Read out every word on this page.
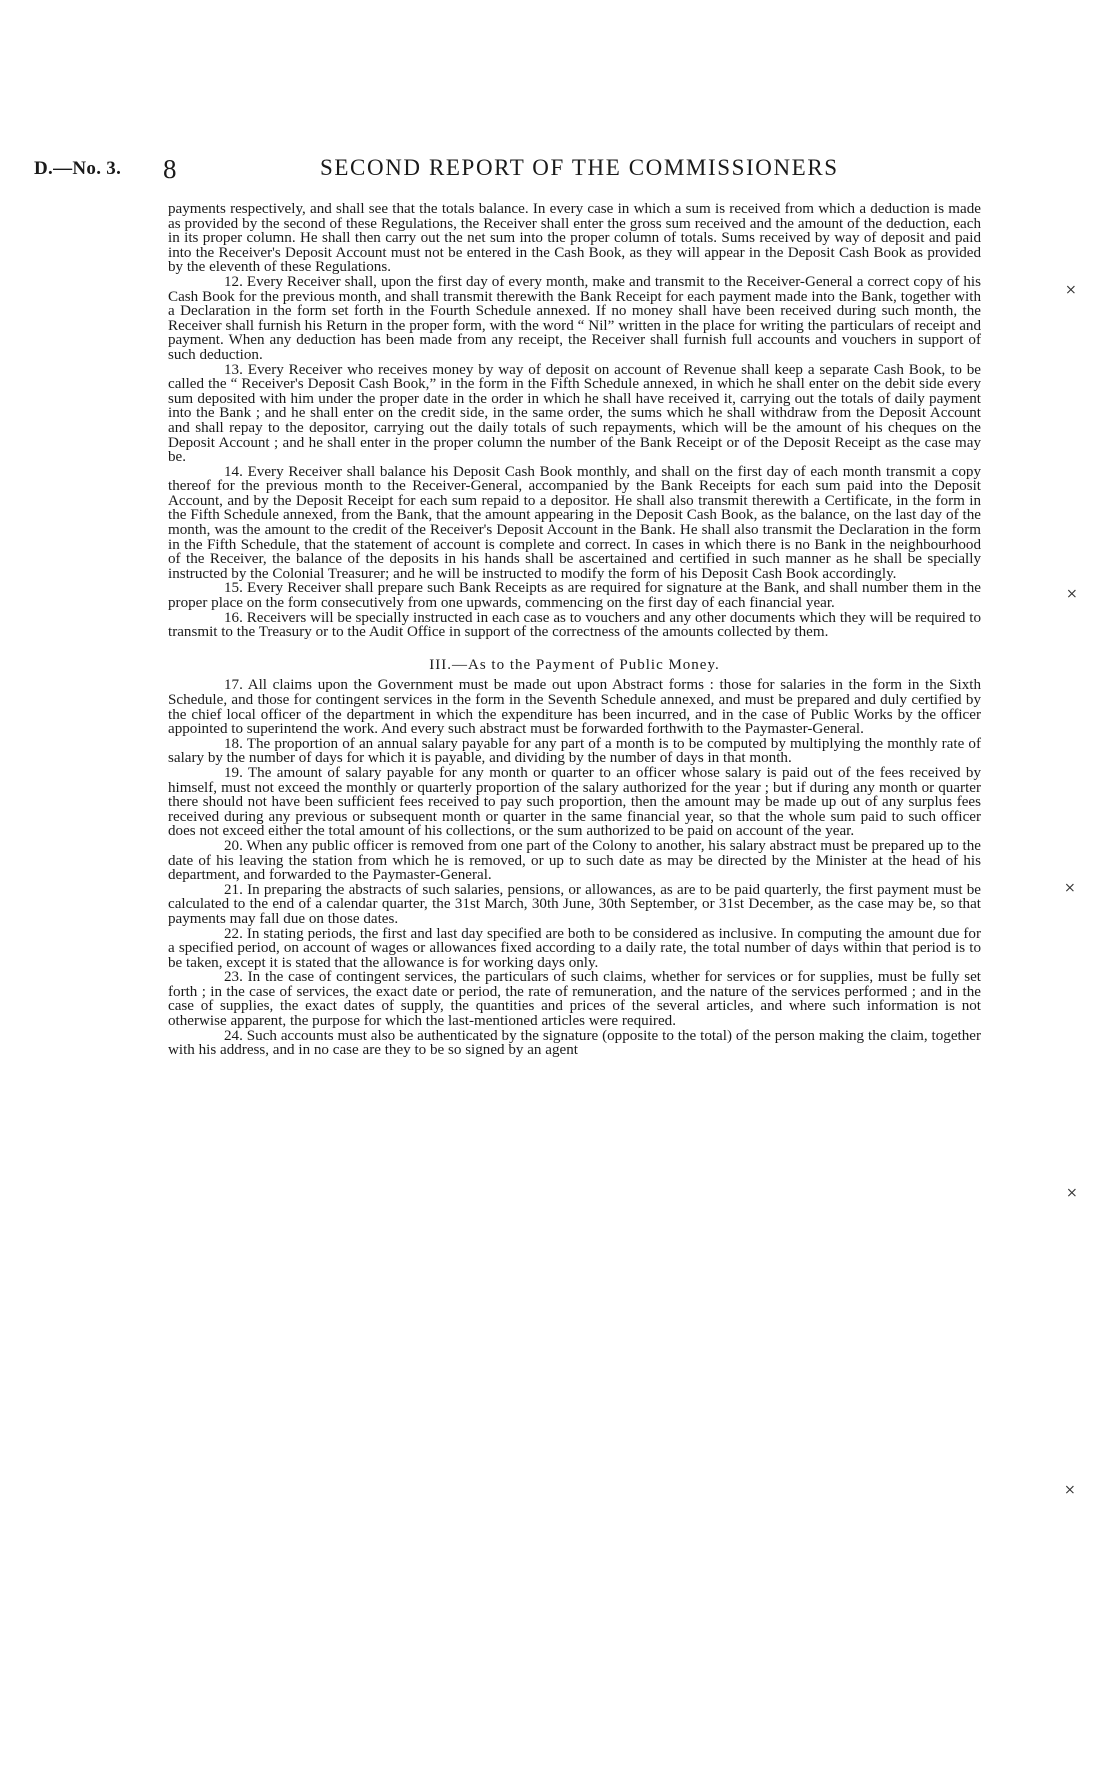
D.—No. 3. 8	SECOND REPORT OF THE COMMISSIONERS

payments respectively, and shall see that the totals balance. In every case in which a sum is received from which a deduction is made as provided by the second of these Regulations, the Receiver shall enter the gross sum received and the amount of the deduction, each in its proper column. He shall then carry out the net sum into the proper column of totals. Sums received by way of deposit and paid into the Receiver's Deposit Account must not be entered in the Cash Book, as they will appear in the Deposit Cash Book as provided by the eleventh of these Regulations.

12. Every Receiver shall, upon the first day of every month, make and transmit to the Receiver-General a correct copy of his Cash Book for the previous month, and shall transmit therewith the Bank Receipt for each payment made into the Bank, together with a Declaration in the form set forth in the Fourth Schedule annexed. If no money shall have been received during such month, the Receiver shall furnish his Return in the proper form, with the word “ Nil” written in the place for writing the particulars of receipt and payment. When any deduction has been made from any receipt, the Receiver shall furnish full accounts and vouchers in support of such deduction.

13. Every Receiver who receives money by way of deposit on account of Revenue shall keep a separate Cash Book, to be called the “ Receiver's Deposit Cash Book,” in the form in the Fifth Schedule annexed, in which he shall enter on the debit side every sum deposited with him under the proper date in the order in which he shall have received it, carrying out the totals of daily payment into the Bank ; and he shall enter on the credit side, in the same order, the sums which he shall withdraw from the Deposit Account and shall repay to the depositor, carrying out the daily totals of such repayments, which will be the amount of his cheques on the Deposit Account ; and he shall enter in the proper column the number of the Bank Receipt or of the Deposit Receipt as the case may be.

14. Every Receiver shall balance his Deposit Cash Book monthly, and shall on the first day of each month transmit a copy thereof for the previous month to the Receiver-General, accompanied by the Bank Receipts for each sum paid into the Deposit Account, and by the Deposit Receipt for each sum repaid to a depositor. He shall also transmit therewith a Certificate, in the form in the Fifth Schedule annexed, from the Bank, that the amount appearing in the Deposit Cash Book, as the balance, on the last day of the month, was the amount to the credit of the Receiver's Deposit Account in the Bank. He shall also transmit the Declaration in the form in the Fifth Schedule, that the statement of account is complete and correct. In cases in which there is no Bank in the neighbourhood of the Receiver, the balance of the deposits in his hands shall be ascertained and certified in such manner as he shall be specially instructed by the Colonial Treasurer; and he will be instructed to modify the form of his Deposit Cash Book accordingly.

15. Every Receiver shall prepare such Bank Receipts as are required for signature at the Bank, and shall number them in the proper place on the form consecutively from one upwards, commencing on the first day of each financial year.

16. Receivers will be specially instructed in each case as to vouchers and any other documents which they will be required to transmit to the Treasury or to the Audit Office in support of the correctness of the amounts collected by them.

III.—As to the Payment of Public Money.

17. All claims upon the Government must be made out upon Abstract forms : those for salaries in the form in the Sixth Schedule, and those for contingent services in the form in the Seventh Schedule annexed, and must be prepared and duly certified by the chief local officer of the department in which the expenditure has been incurred, and in the case of Public Works by the officer appointed to superintend the work. And every such abstract must be forwarded forthwith to the Paymaster-General.

18. The proportion of an annual salary payable for any part of a month is to be computed by multiplying the monthly rate of salary by the number of days for which it is payable, and dividing by the number of days in that month.

19. The amount of salary payable for any month or quarter to an officer whose salary is paid out of the fees received by himself, must not exceed the monthly or quarterly proportion of the salary authorized for the year ; but if during any month or quarter there should not have been sufficient fees received to pay such proportion, then the amount may be made up out of any surplus fees received during any previous or subsequent month or quarter in the same financial year, so that the whole sum paid to such officer does not exceed either the total amount of his collections, or the sum authorized to be paid on account of the year.

20. When any public officer is removed from one part of the Colony to another, his salary abstract must be prepared up to the date of his leaving the station from which he is removed, or up to such date as may be directed by the Minister at the head of his department, and forwarded to the Paymaster-General.

21. In preparing the abstracts of such salaries, pensions, or allowances, as are to be paid quarterly, the first payment must be calculated to the end of a calendar quarter, the 31st March, 30th June, 30th September, or 31st December, as the case may be, so that payments may fall due on those dates.

22. In stating periods, the first and last day specified are both to be considered as inclusive. In computing the amount due for a specified period, on account of wages or allowances fixed according to a daily rate, the total number of days within that period is to be taken, except it is stated that the allowance is for working days only.

23. In the case of contingent services, the particulars of such claims, whether for services or for supplies, must be fully set forth ; in the case of services, the exact date or period, the rate of remuneration, and the nature of the services performed ; and in the case of supplies, the exact dates of supply, the quantities and prices of the several articles, and where such information is not otherwise apparent, the purpose for which the last-mentioned articles were required.

24. Such accounts must also be authenticated by the signature (opposite to the total) of the person making the claim, together with his address, and in no case are they to be so signed by an agent

⨯
⨯
⨯
⨯
⨯
